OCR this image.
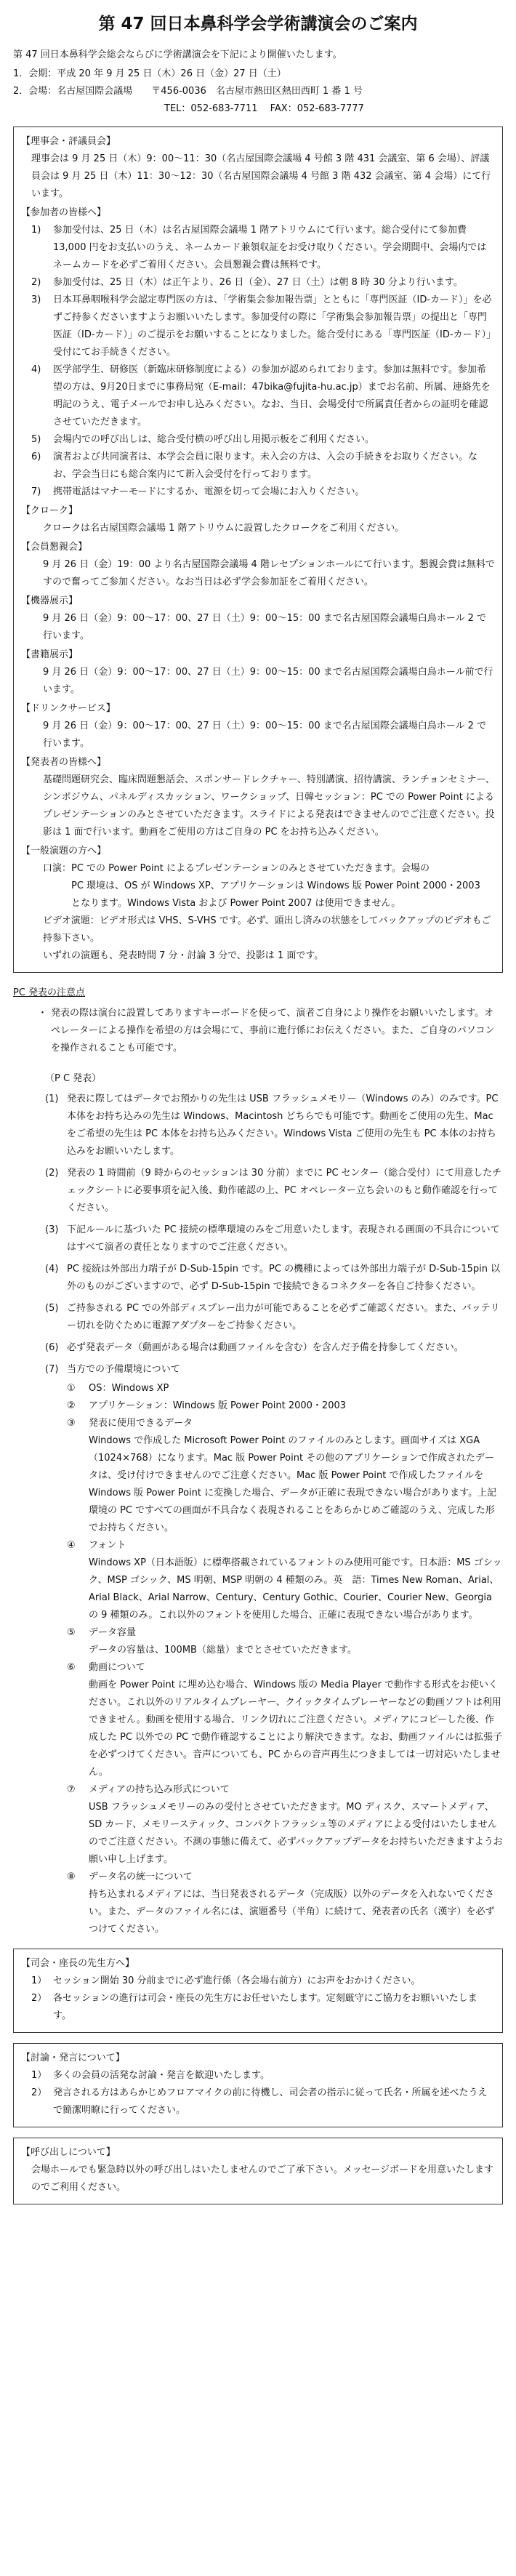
第 47 回日本鼻科学会学術講演会のご案内
第 47 回日本鼻科学会総会ならびに学術講演会を下記により開催いたします。

1．会期：平成 20 年 9 月 25 日（木）26 日（金）27 日（土）

2．会場：名古屋国際会議場　　〒456-0036　名古屋市熱田区熱田西町 1 番 1 号

　　　　　　　　　　　　　　　　TEL：052-683-7711　 FAX：052-683-7777

【理事会・評議員会】
理事会は 9 月 25 日（木）9：00～11：30（名古屋国際会議場 4 号館 3 階 431 会議室、第 6 会場）、評議員会は 9 月 25 日（木）11：30～12：30（名古屋国際会議場 4 号館 3 階 432 会議室、第 4 会場）にて行います。
【参加者の皆様へ】
1) 参加受付は、25 日（木）は名古屋国際会議場 1 階アトリウムにて行います。総合受付にて参加費 13,000 円をお支払いのうえ、ネームカード兼領収証をお受け取りください。学会期間中、会場内ではネームカードを必ずご着用ください。会員懇親会費は無料です。
2) 参加受付は、25 日（木）は正午より、26 日（金）、27 日（土）は朝 8 時 30 分より行います。
3) 日本耳鼻咽喉科学会認定専門医の方は、「学術集会参加報告票」とともに「専門医証（ID-カード）」を必ずご持参くださいますようお願いいたします。参加受付の際に「学術集会参加報告票」の提出と「専門医証（ID-カード）」のご提示をお願いすることになりました。総合受付にある「専門医証（ID-カード）」受付にてお手続きください。
4) 医学部学生、研修医（新臨床研修制度による）の参加が認められております。参加は無料です。参加希望の方は、9月20日までに事務局宛（E-mail：47bika@fujita-hu.ac.jp）までお名前、所属、連絡先を明記のうえ、電子メールでお申し込みください。なお、当日、会場受付で所属責任者からの証明を確認させていただきます。
5) 会場内での呼び出しは、総合受付横の呼び出し用掲示板をご利用ください。
6) 演者および共同演者は、本学会会員に限ります。未入会の方は、入会の手続きをお取りください。なお、学会当日にも総合案内にて新入会受付を行っております。
7) 携帯電話はマナーモードにするか、電源を切って会場にお入りください。
【クローク】
クロークは名古屋国際会議場 1 階アトリウムに設置したクロークをご利用ください。
【会員懇親会】
9 月 26 日（金）19：00 より名古屋国際会議場 4 階レセプションホールにて行います。懇親会費は無料ですので奮ってご参加ください。なお当日は必ず学会参加証をご着用ください。
【機器展示】
9 月 26 日（金）9：00～17：00、27 日（土）9：00～15：00 まで名古屋国際会議場白鳥ホール 2 で行います。
【書籍展示】
9 月 26 日（金）9：00～17：00、27 日（土）9：00～15：00 まで名古屋国際会議場白鳥ホール前で行います。
【ドリンクサービス】
9 月 26 日（金）9：00～17：00、27 日（土）9：00～15：00 まで名古屋国際会議場白鳥ホール 2 で行います。
【発表者の皆様へ】
基礎問題研究会、臨床問題懇話会、スポンサードレクチャー、特別講演、招待講演、ランチョンセミナー、シンポジウム、パネルディスカッション、ワークショップ、日韓セッション：PC での Power Point によるプレゼンテーションのみとさせていただきます。スライドによる発表はできませんのでご注意ください。投影は 1 面で行います。動画をご使用の方はご自身の PC をお持ち込みください。
【一般演題の方へ】
口演：PC での Power Point によるプレゼンテーションのみとさせていただきます。会場の
　　　PC 環境は、OS が Windows XP、アプリケーションは Windows 版 Power Point 2000・2003
　　　となります。Windows Vista および Power Point 2007 は使用できません。
ビデオ演題：ビデオ形式は VHS、S-VHS です。必ず、頭出し済みの状態をしてバックアップのビデオもご持参下さい。
いずれの演題も、発表時間 7 分・討論 3 分で、投影は 1 面です。
PC 発表の注意点
・ 発表の際は演台に設置してありますキーボードを使って、演者ご自身により操作をお願いいたします。オペレーターによる操作を希望の方は会場にて、事前に進行係にお伝えください。また、ご自身のパソコンを操作されることも可能です。
（P C 発表）
(1) 発表に際してはデータでお預かりの先生は USB フラッシュメモリー（Windows のみ）のみです。PC 本体をお持ち込みの先生は Windows、Macintosh どちらでも可能です。動画をご使用の先生、Mac をご希望の先生は PC 本体をお持ち込みください。Windows Vista ご使用の先生も PC 本体のお持ち込みをお願いいたします。
(2) 発表の 1 時間前（9 時からのセッションは 30 分前）までに PC センター（総合受付）にて用意したチェックシートに必要事項を記入後、動作確認の上、PC オペレーター立ち会いのもと動作確認を行ってください。
(3) 下記ルールに基づいた PC 接続の標準環境のみをご用意いたします。表現される画面の不具合についてはすべて演者の責任となりますのでご注意ください。
(4) PC 接続は外部出力端子が D-Sub-15pin です。PC の機種によっては外部出力端子が D-Sub-15pin 以外のものがございますので、必ず D-Sub-15pin で接続できるコネクターを各自ご持参ください。
(5) ご持参される PC での外部ディスプレー出力が可能であることを必ずご確認ください。また、バッテリー切れを防ぐために電源アダプターをご持参ください。
(6) 必ず発表データ（動画がある場合は動画ファイルを含む）を含んだ予備を持参してください。
(7) 当方での予備環境について
① OS：Windows XP
② アプリケーション：Windows 版 Power Point 2000・2003
③ 発表に使用できるデータ
Windows で作成した Microsoft Power Point のファイルのみとします。画面サイズは XGA（1024×768）になります。Mac 版 Power Point その他のアプリケーションで作成されたデータは、受け付けできませんのでご注意ください。Mac 版 Power Point で作成したファイルを Windows 版 Power Point に変換した場合、データが正確に表現できない場合があります。上記環境の PC ですべての画面が不具合なく表現されることをあらかじめご確認のうえ、完成した形でお持ちください。
④ フォント
Windows XP（日本語版）に標準搭載されているフォントのみ使用可能です。日本語：MS ゴシック、MSP ゴシック、MS 明朝、MSP 明朝の 4 種類のみ。英　語：Times New Roman、Arial、Arial Black、Arial Narrow、Century、Century Gothic、Courier、Courier New、Georgia の 9 種類のみ。これ以外のフォントを使用した場合、正確に表現できない場合があります。
⑤ データ容量
データの容量は、100MB（総量）までとさせていただきます。
⑥ 動画について
動画を Power Point に埋め込む場合、Windows 版の Media Player で動作する形式をお使いください。これ以外のリアルタイムプレーヤー、クイックタイムプレーヤーなどの動画ソフトは利用できません。動画を使用する場合、リンク切れにご注意ください。メディアにコピーした後、作成した PC 以外での PC で動作確認することにより解決できます。なお、動画ファイルには拡張子を必ずつけてください。音声についても、PC からの音声再生につきましては一切対応いたしません。
⑦ メディアの持ち込み形式について
USB フラッシュメモリーのみの受付とさせていただきます。MO ディスク、スマートメディア、SD カード、メモリースティック、コンパクトフラッシュ等のメディアによる受付はいたしませんのでご注意ください。不測の事態に備えて、必ずバックアップデータをお持ちいただきますようお願い申し上げます。
⑧ データ名の統一について
持ち込まれるメディアには、当日発表されるデータ（完成版）以外のデータを入れないでください。また、データのファイル名には、演題番号（半角）に続けて、発表者の氏名（漢字）を必ずつけてください。
【司会・座長の先生方へ】
1） セッション開始 30 分前までに必ず進行係（各会場右前方）にお声をおかけください。
2） 各セッションの進行は司会・座長の先生方にお任せいたします。定刻厳守にご協力をお願いいたします。
【討論・発言について】
1） 多くの会員の活発な討論・発言を歓迎いたします。
2） 発言される方はあらかじめフロアマイクの前に待機し、司会者の指示に従って氏名・所属を述べたうえで簡潔明瞭に行ってください。
【呼び出しについて】
会場ホールでも緊急時以外の呼び出しはいたしませんのでご了承下さい。メッセージボードを用意いたしますのでご利用ください。
